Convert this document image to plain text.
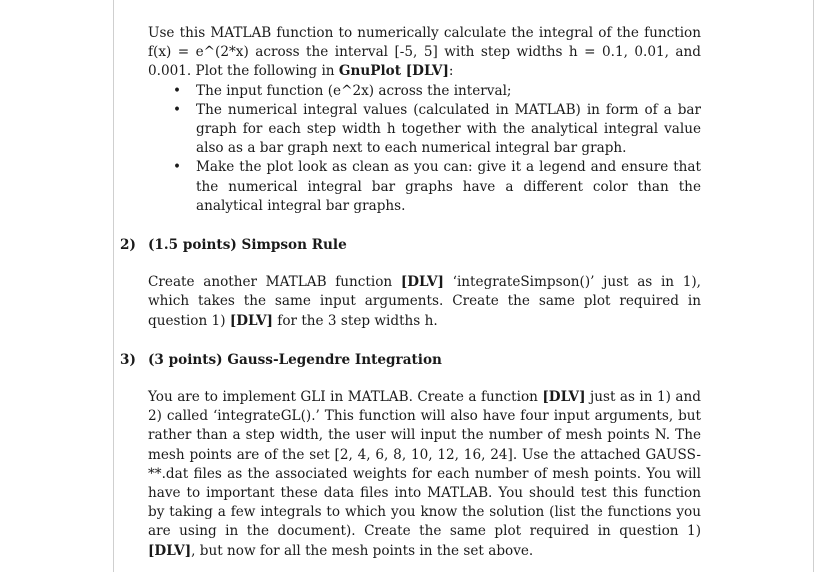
Use this MATLAB function to numerically calculate the integral of the function f(x) = e^(2*x) across the interval [-5, 5] with step widths h = 0.1, 0.01, and 0.001. Plot the following in GnuPlot [DLV]:

• The input function (e^2x) across the interval;
• The numerical integral values (calculated in MATLAB) in form of a bar graph for each step width h together with the analytical integral value also as a bar graph next to each numerical integral bar graph.
• Make the plot look as clean as you can: give it a legend and ensure that the numerical integral bar graphs have a different color than the analytical integral bar graphs.
2) (1.5 points) Simpson Rule

Create another MATLAB function [DLV] ‘integrateSimpson()’ just as in 1), which takes the same input arguments. Create the same plot required in question 1) [DLV] for the 3 step widths h.

3) (3 points) Gauss-Legendre Integration

You are to implement GLI in MATLAB. Create a function [DLV] just as in 1) and 2) called ‘integrateGL().’ This function will also have four input arguments, but rather than a step width, the user will input the number of mesh points N. The mesh points are of the set [2, 4, 6, 8, 10, 12, 16, 24]. Use the attached GAUSS-**.dat files as the associated weights for each number of mesh points. You will have to important these data files into MATLAB. You should test this function by taking a few integrals to which you know the solution (list the functions you are using in the document). Create the same plot required in question 1) [DLV], but now for all the mesh points in the set above.
